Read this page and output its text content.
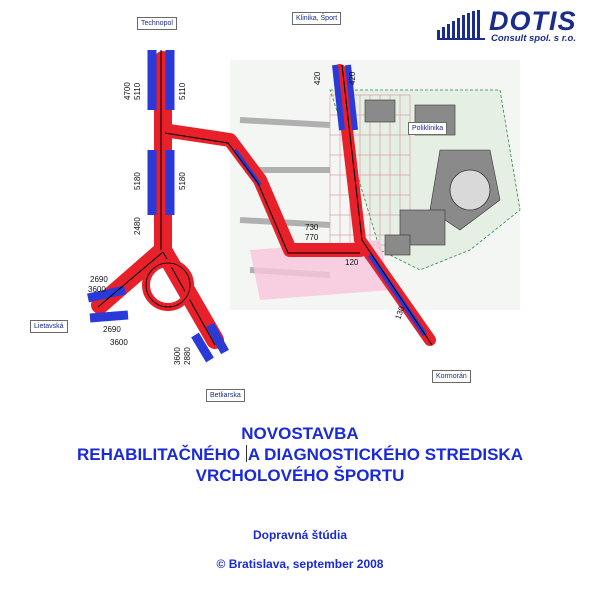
DOTIS
Consult spol. s r.o.
5110
4700	5110
5180	5180
2480
2690
3600
2690
3600
2880
3600
420	420
730
770
120
130
Technopol
Klinika, Šport
Poliklinika
Lietavská
Betliarska
Kormorán
NOVOSTAVBA
REHABILITAČNÉHO A DIAGNOSTICKÉHO STREDISKA
VRCHOLOVÉHO ŠPORTU
Dopravná štúdia
© Bratislava, september 2008
